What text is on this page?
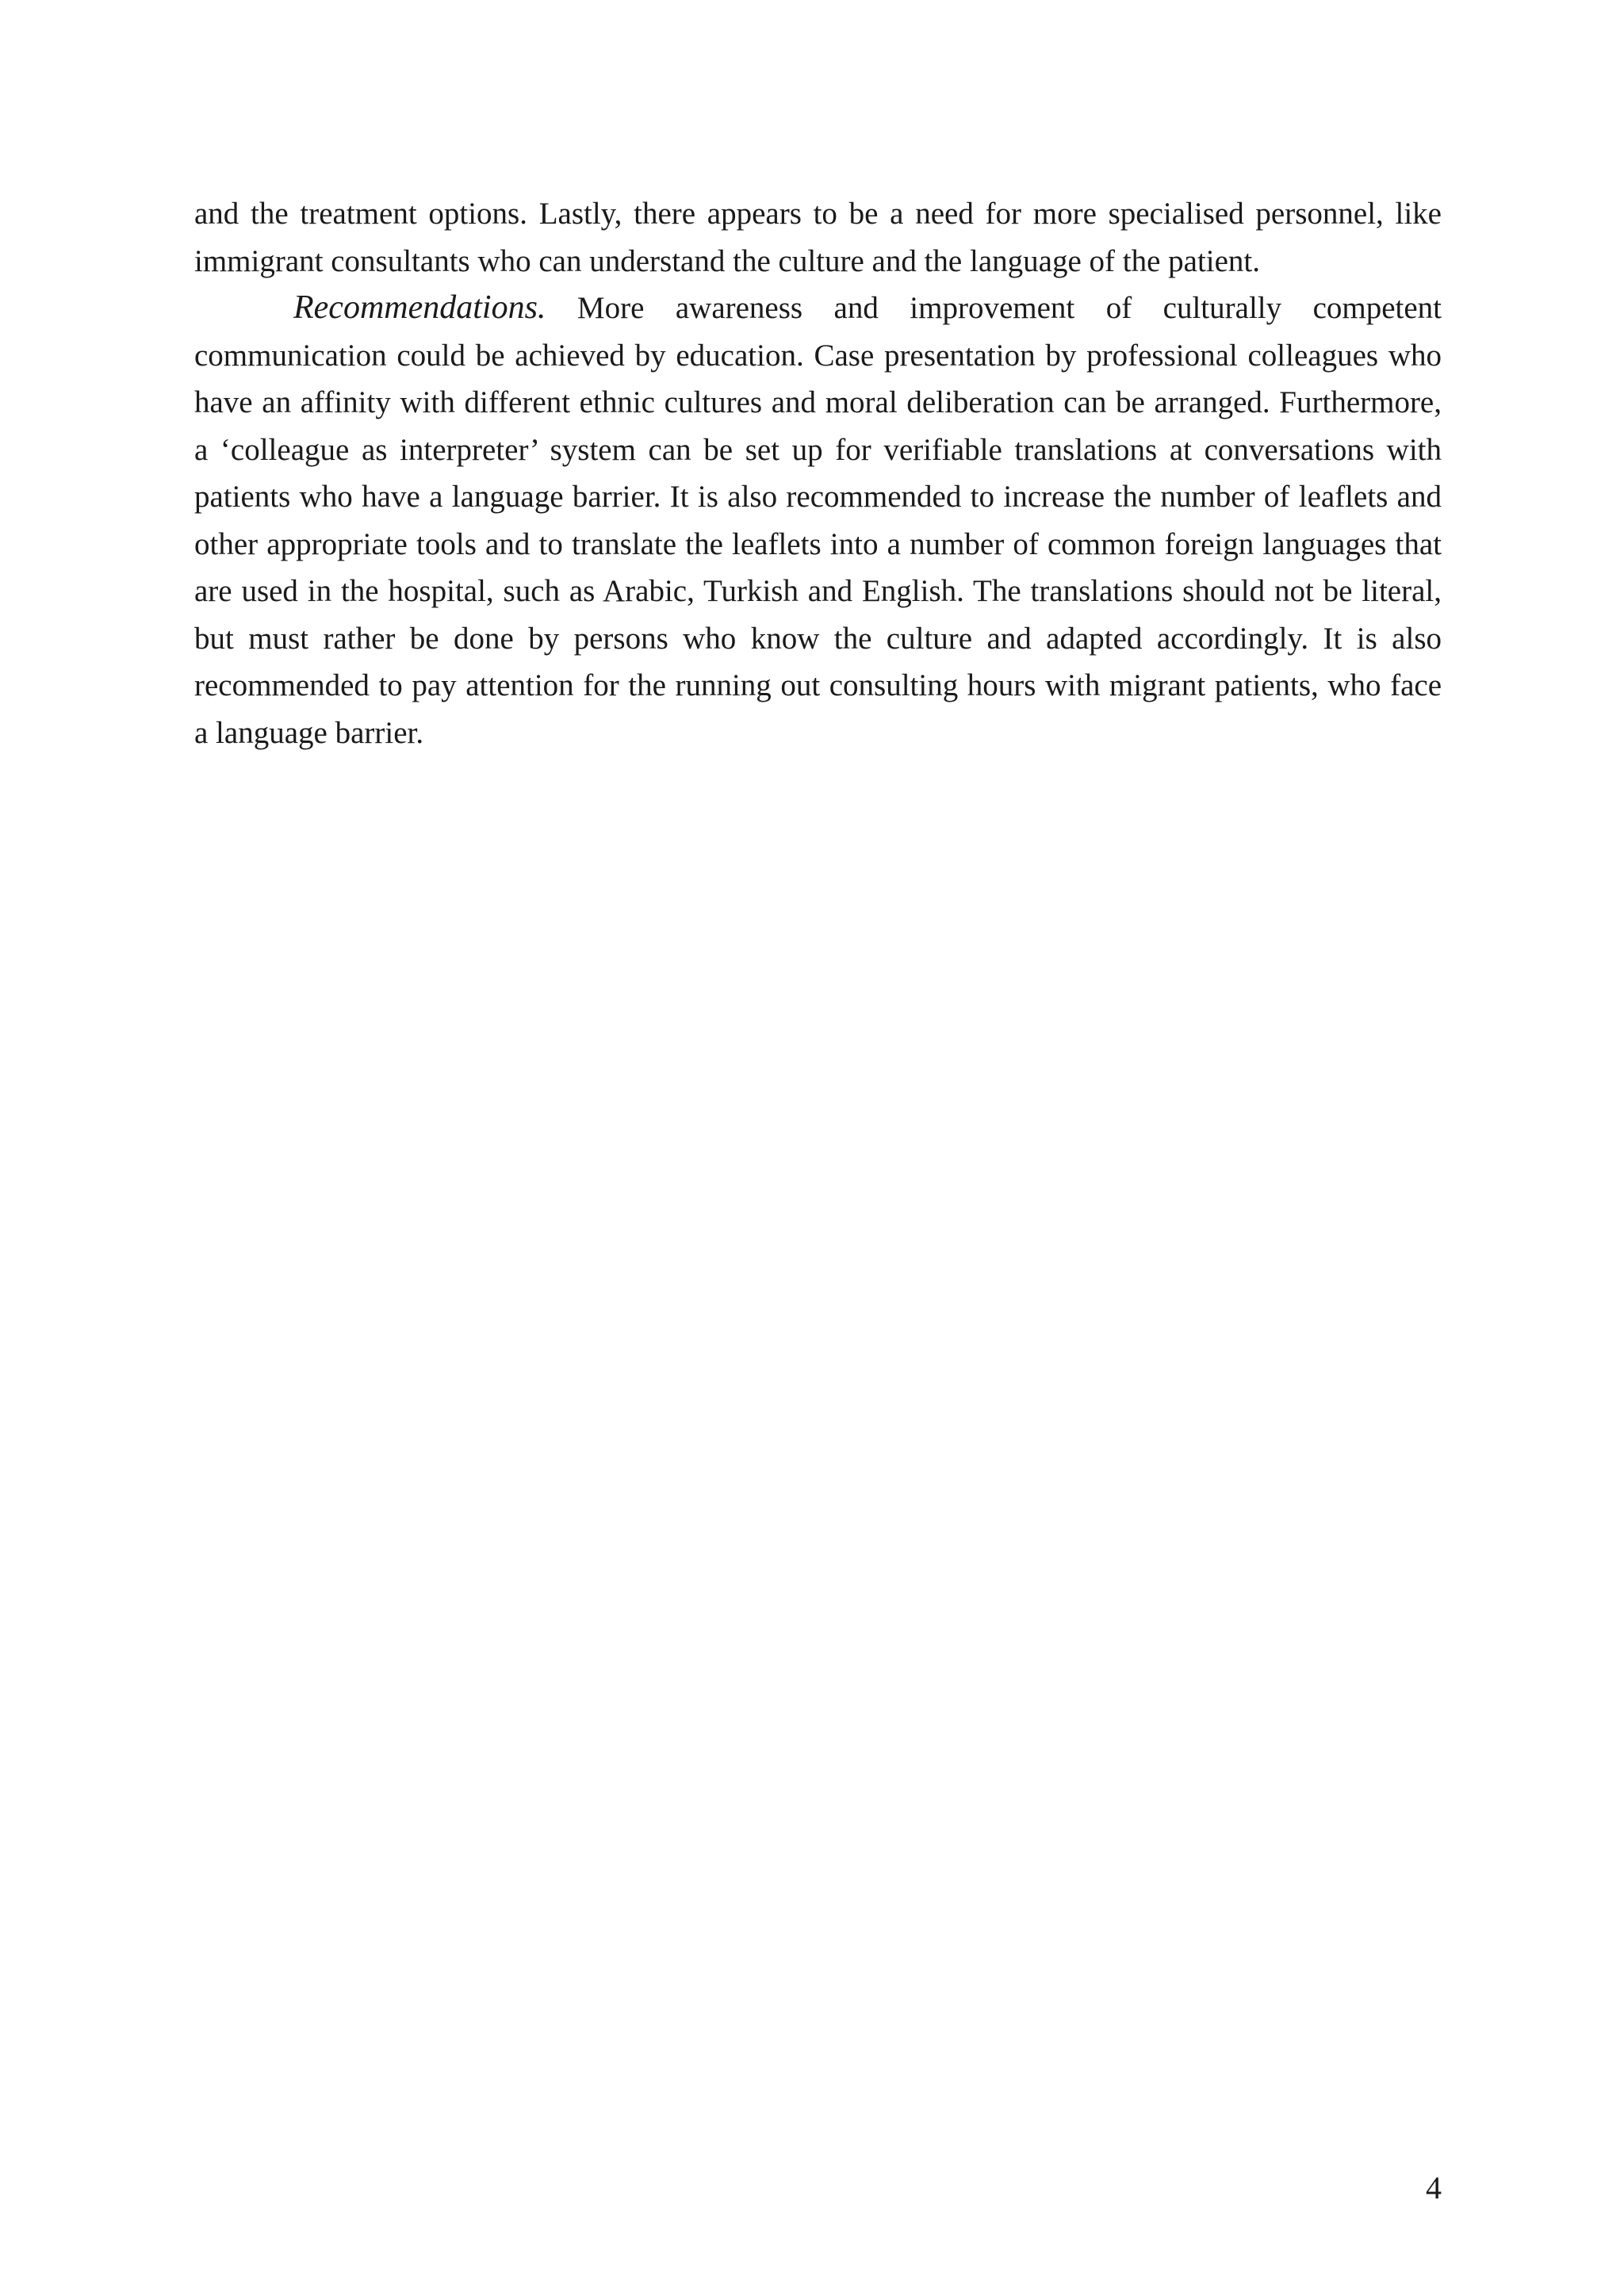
and the treatment options. Lastly, there appears to be a need for more specialised personnel, like immigrant consultants who can understand the culture and the language of the patient.

Recommendations. More awareness and improvement of culturally competent communication could be achieved by education. Case presentation by professional colleagues who have an affinity with different ethnic cultures and moral deliberation can be arranged. Furthermore, a ‘colleague as interpreter’ system can be set up for verifiable translations at conversations with patients who have a language barrier. It is also recommended to increase the number of leaflets and other appropriate tools and to translate the leaflets into a number of common foreign languages that are used in the hospital, such as Arabic, Turkish and English. The translations should not be literal, but must rather be done by persons who know the culture and adapted accordingly. It is also recommended to pay attention for the running out consulting hours with migrant patients, who face a language barrier.

4
